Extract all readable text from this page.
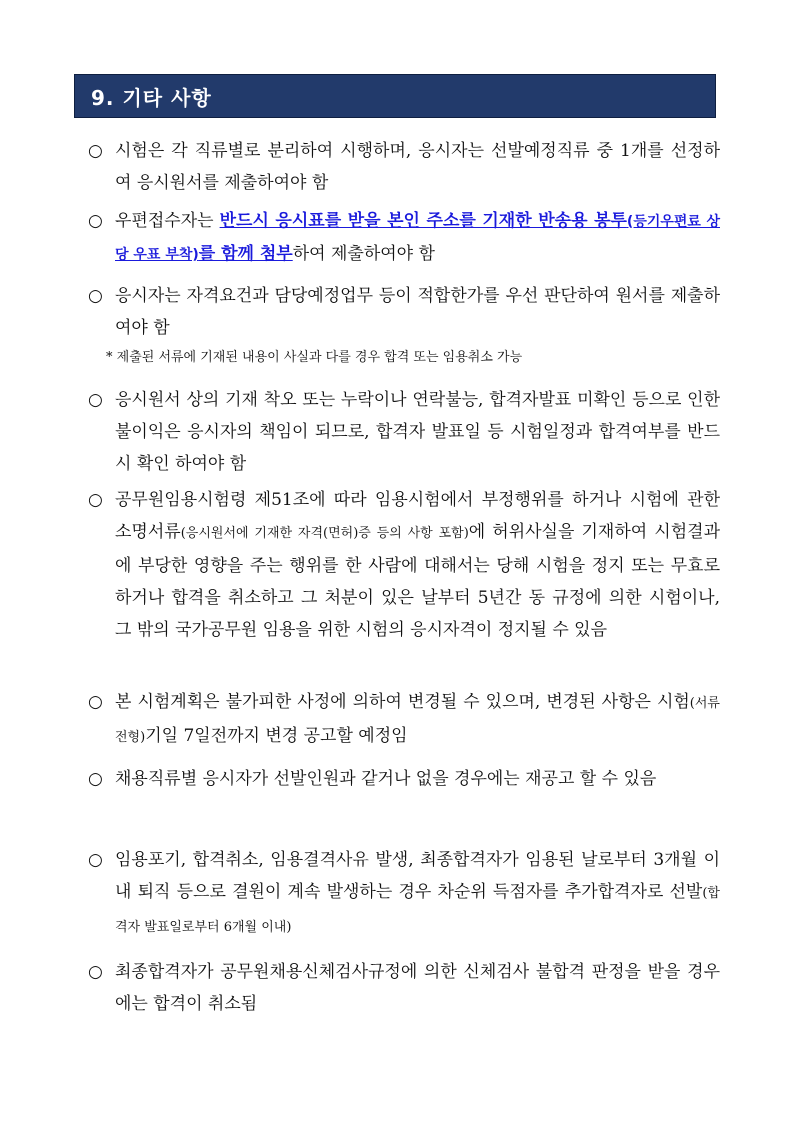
9. 기타 사항
○ 시험은 각 직류별로 분리하여 시행하며, 응시자는 선발예정직류 중 1개를 선정하여 응시원서를 제출하여야 함
○ 우편접수자는 반드시 응시표를 받을 본인 주소를 기재한 반송용 봉투(등기우편료 상당 우표 부착)를 함께 첨부하여 제출하여야 함
○ 응시자는 자격요건과 담당예정업무 등이 적합한가를 우선 판단하여 원서를 제출하여야 함
* 제출된 서류에 기재된 내용이 사실과 다를 경우 합격 또는 임용취소 가능
○ 응시원서 상의 기재 착오 또는 누락이나 연락불능, 합격자발표 미확인 등으로 인한 불이익은 응시자의 책임이 되므로, 합격자 발표일 등 시험일정과 합격여부를 반드시 확인 하여야 함
○ 공무원임용시험령 제51조에 따라 임용시험에서 부정행위를 하거나 시험에 관한 소명서류(응시원서에 기재한 자격(면허)증 등의 사항 포함)에 허위사실을 기재하여 시험결과에 부당한 영향을 주는 행위를 한 사람에 대해서는 당해 시험을 정지 또는 무효로 하거나 합격을 취소하고 그 처분이 있은 날부터 5년간 동 규정에 의한 시험이나, 그 밖의 국가공무원 임용을 위한 시험의 응시자격이 정지될 수 있음
○ 본 시험계획은 불가피한 사정에 의하여 변경될 수 있으며, 변경된 사항은 시험(서류전형)기일 7일전까지 변경 공고할 예정임
○ 채용직류별 응시자가 선발인원과 같거나 없을 경우에는 재공고 할 수 있음
○ 임용포기, 합격취소, 임용결격사유 발생, 최종합격자가 임용된 날로부터 3개월 이내 퇴직 등으로 결원이 계속 발생하는 경우 차순위 득점자를 추가합격자로 선발(합격자 발표일로부터 6개월 이내)
○ 최종합격자가 공무원채용신체검사규정에 의한 신체검사 불합격 판정을 받을 경우에는 합격이 취소됨
